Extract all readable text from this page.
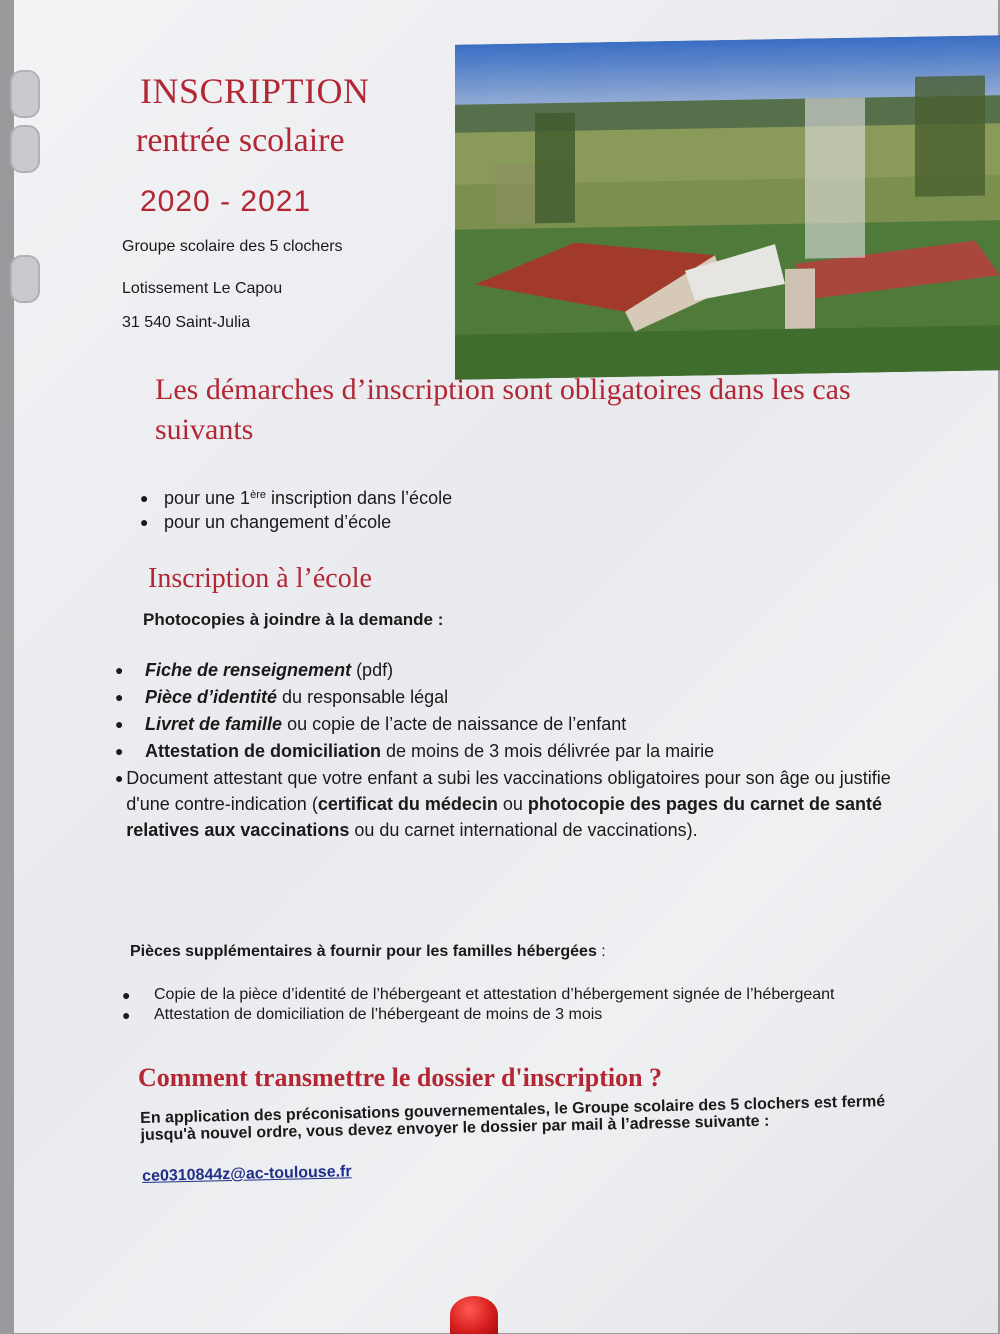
INSCRIPTION
rentrée scolaire
2020 - 2021
Groupe scolaire des 5 clochers
Lotissement Le Capou
31 540 Saint-Julia
Les démarches d’inscription sont obligatoires dans les cas suivants
● pour une 1ère inscription dans l’école
● pour un changement d’école
Inscription à l’école
Photocopies à joindre à la demande :
●	Fiche de renseignement (pdf)
●	Pièce d’identité du responsable légal
●	Livret de famille ou copie de l’acte de naissance de l’enfant
●	Attestation de domiciliation de moins de 3 mois délivrée par la mairie
● Document attestant que votre enfant a subi les vaccinations obligatoires pour son âge ou justifie d'une contre-indication (certificat du médecin ou photocopie des pages du carnet de santé relatives aux vaccinations ou du carnet international de vaccinations).
Pièces supplémentaires à fournir pour les familles hébergées :
●	Copie de la pièce d’identité de l’hébergeant et attestation d’hébergement signée de l’hébergeant
●	Attestation de domiciliation de l’hébergeant de moins de 3 mois
Comment transmettre le dossier d'inscription ?
En application des préconisations gouvernementales, le Groupe scolaire des 5 clochers est fermé jusqu'à nouvel ordre, vous devez envoyer le dossier par mail à l’adresse suivante :
ce0310844z@ac-toulouse.fr
